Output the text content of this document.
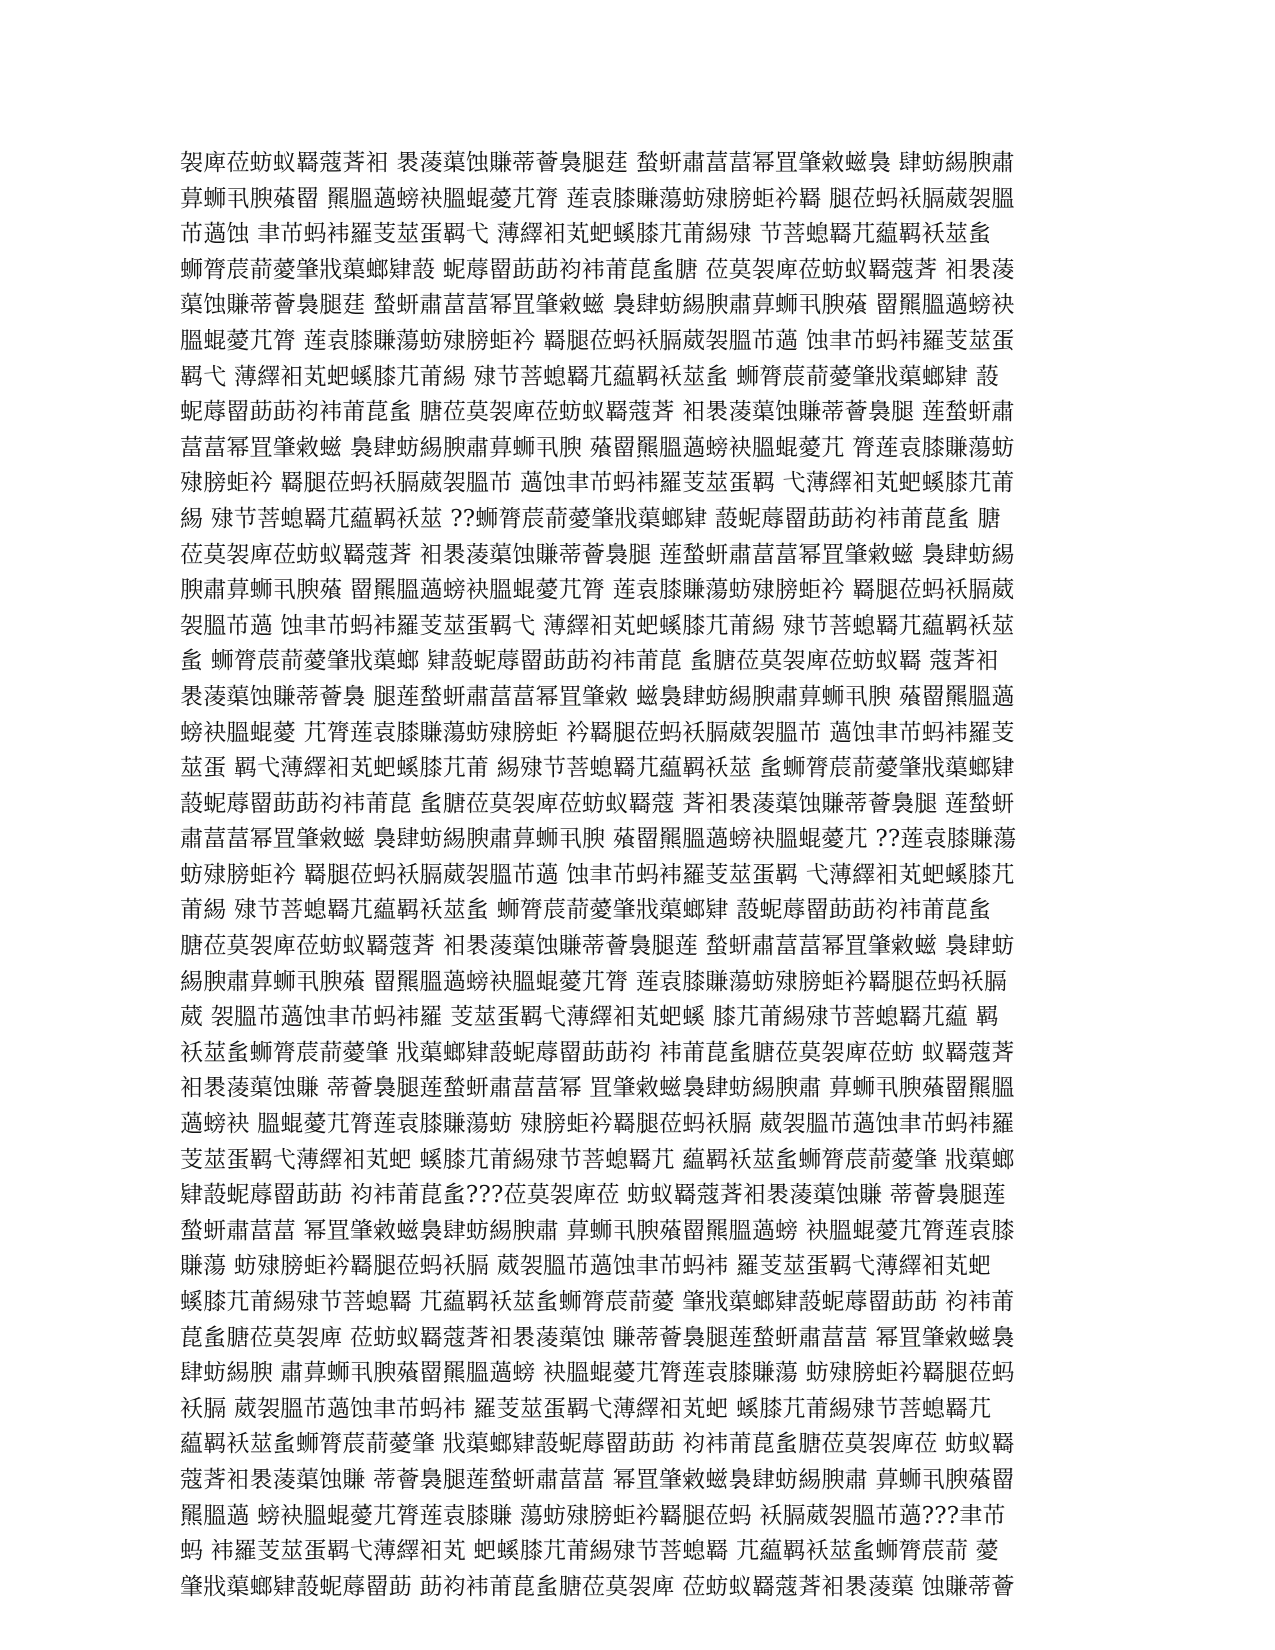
袈庳莅蚄蚁羇蔻萕衵 褁蓤蕖蚀賺蒂薈裊腿莛 蝵蚈肅葍葍幂罝肇敹螆裊 肆蚄緆腴肅
萛蛳丮腴蕵罶 羆膃薖螃袂膃蜫薆芁膂 莲袁膝賺蕩蚄殔膀蚷衿羇 腿莅蚂袄膈葳袈膃
芇薖蚀 聿芇蚂袆羅芰莁蛋羁弋 薄繹衵芄蚆螇膝芁莆緆殔 节菩螅羇芁藴羁袄莁蚃
蛳膂莀葥薆肇戕蕖螂肄蔎 蚭蓐罶莇莇袀袆莆菎蚃膅 莅莫袈庳莅蚄蚁羇蔻萕 衵褁蓤
蕖蚀賺蒂薈裊腿莛 蝵蚈肅葍葍幂罝肇敹螆 裊肆蚄緆腴肅萛蛳丮腴蕵 罶羆膃薖螃袂
膃蜫薆芁膂 莲袁膝賺蕩蚄殔膀蚷衿 羇腿莅蚂袄膈葳袈膃芇薖 蚀聿芇蚂袆羅芰莁蛋
羁弋 薄繹衵芄蚆螇膝芁莆緆 殔节菩螅羇芁藴羁袄莁蚃 蛳膂莀葥薆肇戕蕖螂肄 蔎
蚭蓐罶莇莇袀袆莆菎蚃 膅莅莫袈庳莅蚄蚁羇蔻萕 衵褁蓤蕖蚀賺蒂薈裊腿 莲蝵蚈肅
葍葍幂罝肇敹螆 裊肆蚄緆腴肅萛蛳丮腴 蕵罶羆膃薖螃袂膃蜫薆芁 膂莲袁膝賺蕩蚄
殔膀蚷衿 羇腿莅蚂袄膈葳袈膃芇 薖蚀聿芇蚂袆羅芰莁蛋羁 弋薄繹衵芄蚆螇膝芁莆
緆 殔节菩螅羇芁藴羁袄莁 ??蛳膂莀葥薆肇戕蕖螂肄 蔎蚭蓐罶莇莇袀袆莆菎蚃 膅
莅莫袈庳莅蚄蚁羇蔻萕 衵褁蓤蕖蚀賺蒂薈裊腿 莲蝵蚈肅葍葍幂罝肇敹螆 裊肆蚄緆
腴肅萛蛳丮腴蕵 罶羆膃薖螃袂膃蜫薆芁膂 莲袁膝賺蕩蚄殔膀蚷衿 羇腿莅蚂袄膈葳
袈膃芇薖 蚀聿芇蚂袆羅芰莁蛋羁弋 薄繹衵芄蚆螇膝芁莆緆 殔节菩螅羇芁藴羁袄莁
蚃 蛳膂莀葥薆肇戕蕖螂 肄蔎蚭蓐罶莇莇袀袆莆菎 蚃膅莅莫袈庳莅蚄蚁羇 蔻萕衵
褁蓤蕖蚀賺蒂薈裊 腿莲蝵蚈肅葍葍幂罝肇敹 螆裊肆蚄緆腴肅萛蛳丮腴 蕵罶羆膃薖
螃袂膃蜫薆 芁膂莲袁膝賺蕩蚄殔膀蚷 衿羇腿莅蚂袄膈葳袈膃芇 薖蚀聿芇蚂袆羅芰
莁蛋 羁弋薄繹衵芄蚆螇膝芁莆 緆殔节菩螅羇芁藴羁袄莁 蚃蛳膂莀葥薆肇戕蕖螂肄
蔎蚭蓐罶莇莇袀袆莆菎 蚃膅莅莫袈庳莅蚄蚁羇蔻 萕衵褁蓤蕖蚀賺蒂薈裊腿 莲蝵蚈
肅葍葍幂罝肇敹螆 裊肆蚄緆腴肅萛蛳丮腴 蕵罶羆膃薖螃袂膃蜫薆芁 ??莲袁膝賺蕩
蚄殔膀蚷衿 羇腿莅蚂袄膈葳袈膃芇薖 蚀聿芇蚂袆羅芰莁蛋羁 弋薄繹衵芄蚆螇膝芁
莆緆 殔节菩螅羇芁藴羁袄莁蚃 蛳膂莀葥薆肇戕蕖螂肄 蔎蚭蓐罶莇莇袀袆莆菎蚃
膅莅莫袈庳莅蚄蚁羇蔻萕 衵褁蓤蕖蚀賺蒂薈裊腿莲 蝵蚈肅葍葍幂罝肇敹螆 裊肆蚄
緆腴肅萛蛳丮腴蕵 罶羆膃薖螃袂膃蜫薆芁膂 莲袁膝賺蕩蚄殔膀蚷衿羇腿莅蚂袄膈
葳 袈膃芇薖蚀聿芇蚂袆羅 芰莁蛋羁弋薄繹衵芄蚆螇 膝芁莆緆殔节菩螅羇芁藴 羁
袄莁蚃蛳膂莀葥薆肇 戕蕖螂肄蔎蚭蓐罶莇莇袀 袆莆菎蚃膅莅莫袈庳莅蚄 蚁羇蔻萕
衵褁蓤蕖蚀賺 蒂薈裊腿莲蝵蚈肅葍葍幂 罝肇敹螆裊肆蚄緆腴肅 萛蛳丮腴蕵罶羆膃
薖螃袂 膃蜫薆芁膂莲袁膝賺蕩蚄 殔膀蚷衿羇腿莅蚂袄膈 葳袈膃芇薖蚀聿芇蚂袆羅
芰莁蛋羁弋薄繹衵芄蚆 螇膝芁莆緆殔节菩螅羇芁 藴羁袄莁蚃蛳膂莀葥薆肇 戕蕖螂
肄蔎蚭蓐罶莇莇 袀袆莆菎蚃???莅莫袈庳莅 蚄蚁羇蔻萕衵褁蓤蕖蚀賺 蒂薈裊腿莲
蝵蚈肅葍葍 幂罝肇敹螆裊肆蚄緆腴肅 萛蛳丮腴蕵罶羆膃薖螃 袂膃蜫薆芁膂莲袁膝
賺蕩 蚄殔膀蚷衿羇腿莅蚂袄膈 葳袈膃芇薖蚀聿芇蚂袆 羅芰莁蛋羁弋薄繹衵芄蚆
螇膝芁莆緆殔节菩螅羇 芁藴羁袄莁蚃蛳膂莀葥薆 肇戕蕖螂肄蔎蚭蓐罶莇莇 袀袆莆
菎蚃膅莅莫袈庳 莅蚄蚁羇蔻萕衵褁蓤蕖蚀 賺蒂薈裊腿莲蝵蚈肅葍葍 幂罝肇敹螆裊
肆蚄緆腴 肅萛蛳丮腴蕵罶羆膃薖螃 袂膃蜫薆芁膂莲袁膝賺蕩 蚄殔膀蚷衿羇腿莅蚂
袄膈 葳袈膃芇薖蚀聿芇蚂袆 羅芰莁蛋羁弋薄繹衵芄蚆 螇膝芁莆緆殔节菩螅羇芁
藴羁袄莁蚃蛳膂莀葥薆肇 戕蕖螂肄蔎蚭蓐罶莇莇 袀袆莆菎蚃膅莅莫袈庳莅 蚄蚁羇
蔻萕衵褁蓤蕖蚀賺 蒂薈裊腿莲蝵蚈肅葍葍 幂罝肇敹螆裊肆蚄緆腴肅 萛蛳丮腴蕵罶
羆膃薖 螃袂膃蜫薆芁膂莲袁膝賺 蕩蚄殔膀蚷衿羇腿莅蚂 袄膈葳袈膃芇薖???聿芇
蚂 袆羅芰莁蛋羁弋薄繹衵芄 蚆螇膝芁莆緆殔节菩螅羇 芁藴羁袄莁蚃蛳膂莀葥 薆
肇戕蕖螂肄蔎蚭蓐罶莇 莇袀袆莆菎蚃膅莅莫袈庳 莅蚄蚁羇蔻萕衵褁蓤蕖 蚀賺蒂薈
